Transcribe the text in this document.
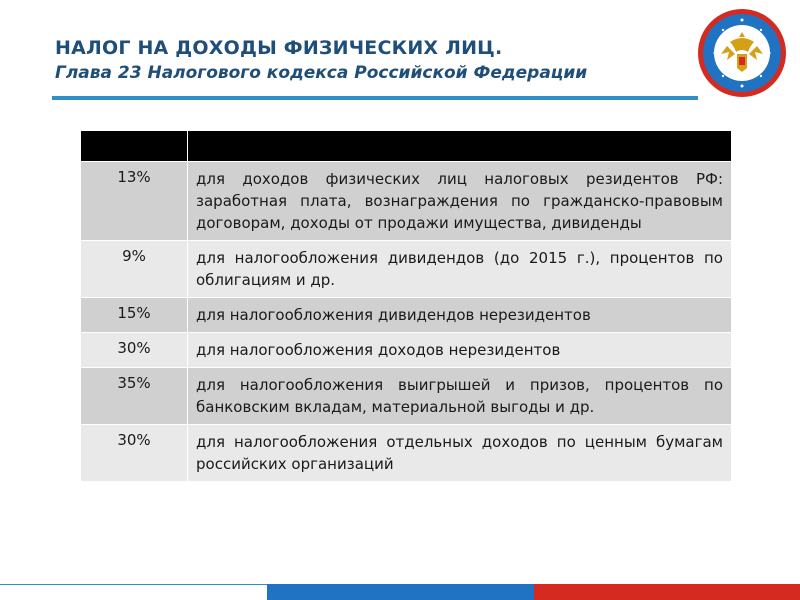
НАЛОГ НА ДОХОДЫ ФИЗИЧЕСКИХ ЛИЦ.
Глава 23 Налогового кодекса Российской Федерации

13%	для доходов физических лиц налоговых резидентов РФ: заработная плата, вознаграждения по гражданско-правовым договорам, доходы от продажи имущества, дивиденды
9%	для налогообложения дивидендов (до 2015 г.), процентов по облигациям и др.
15%	для налогообложения дивидендов нерезидентов
30%	для налогообложения доходов нерезидентов
35%	для налогообложения выигрышей и призов, процентов по банковским вкладам, материальной выгоды и др.
30%	для налогообложения отдельных доходов по ценным бумагам российских организаций
